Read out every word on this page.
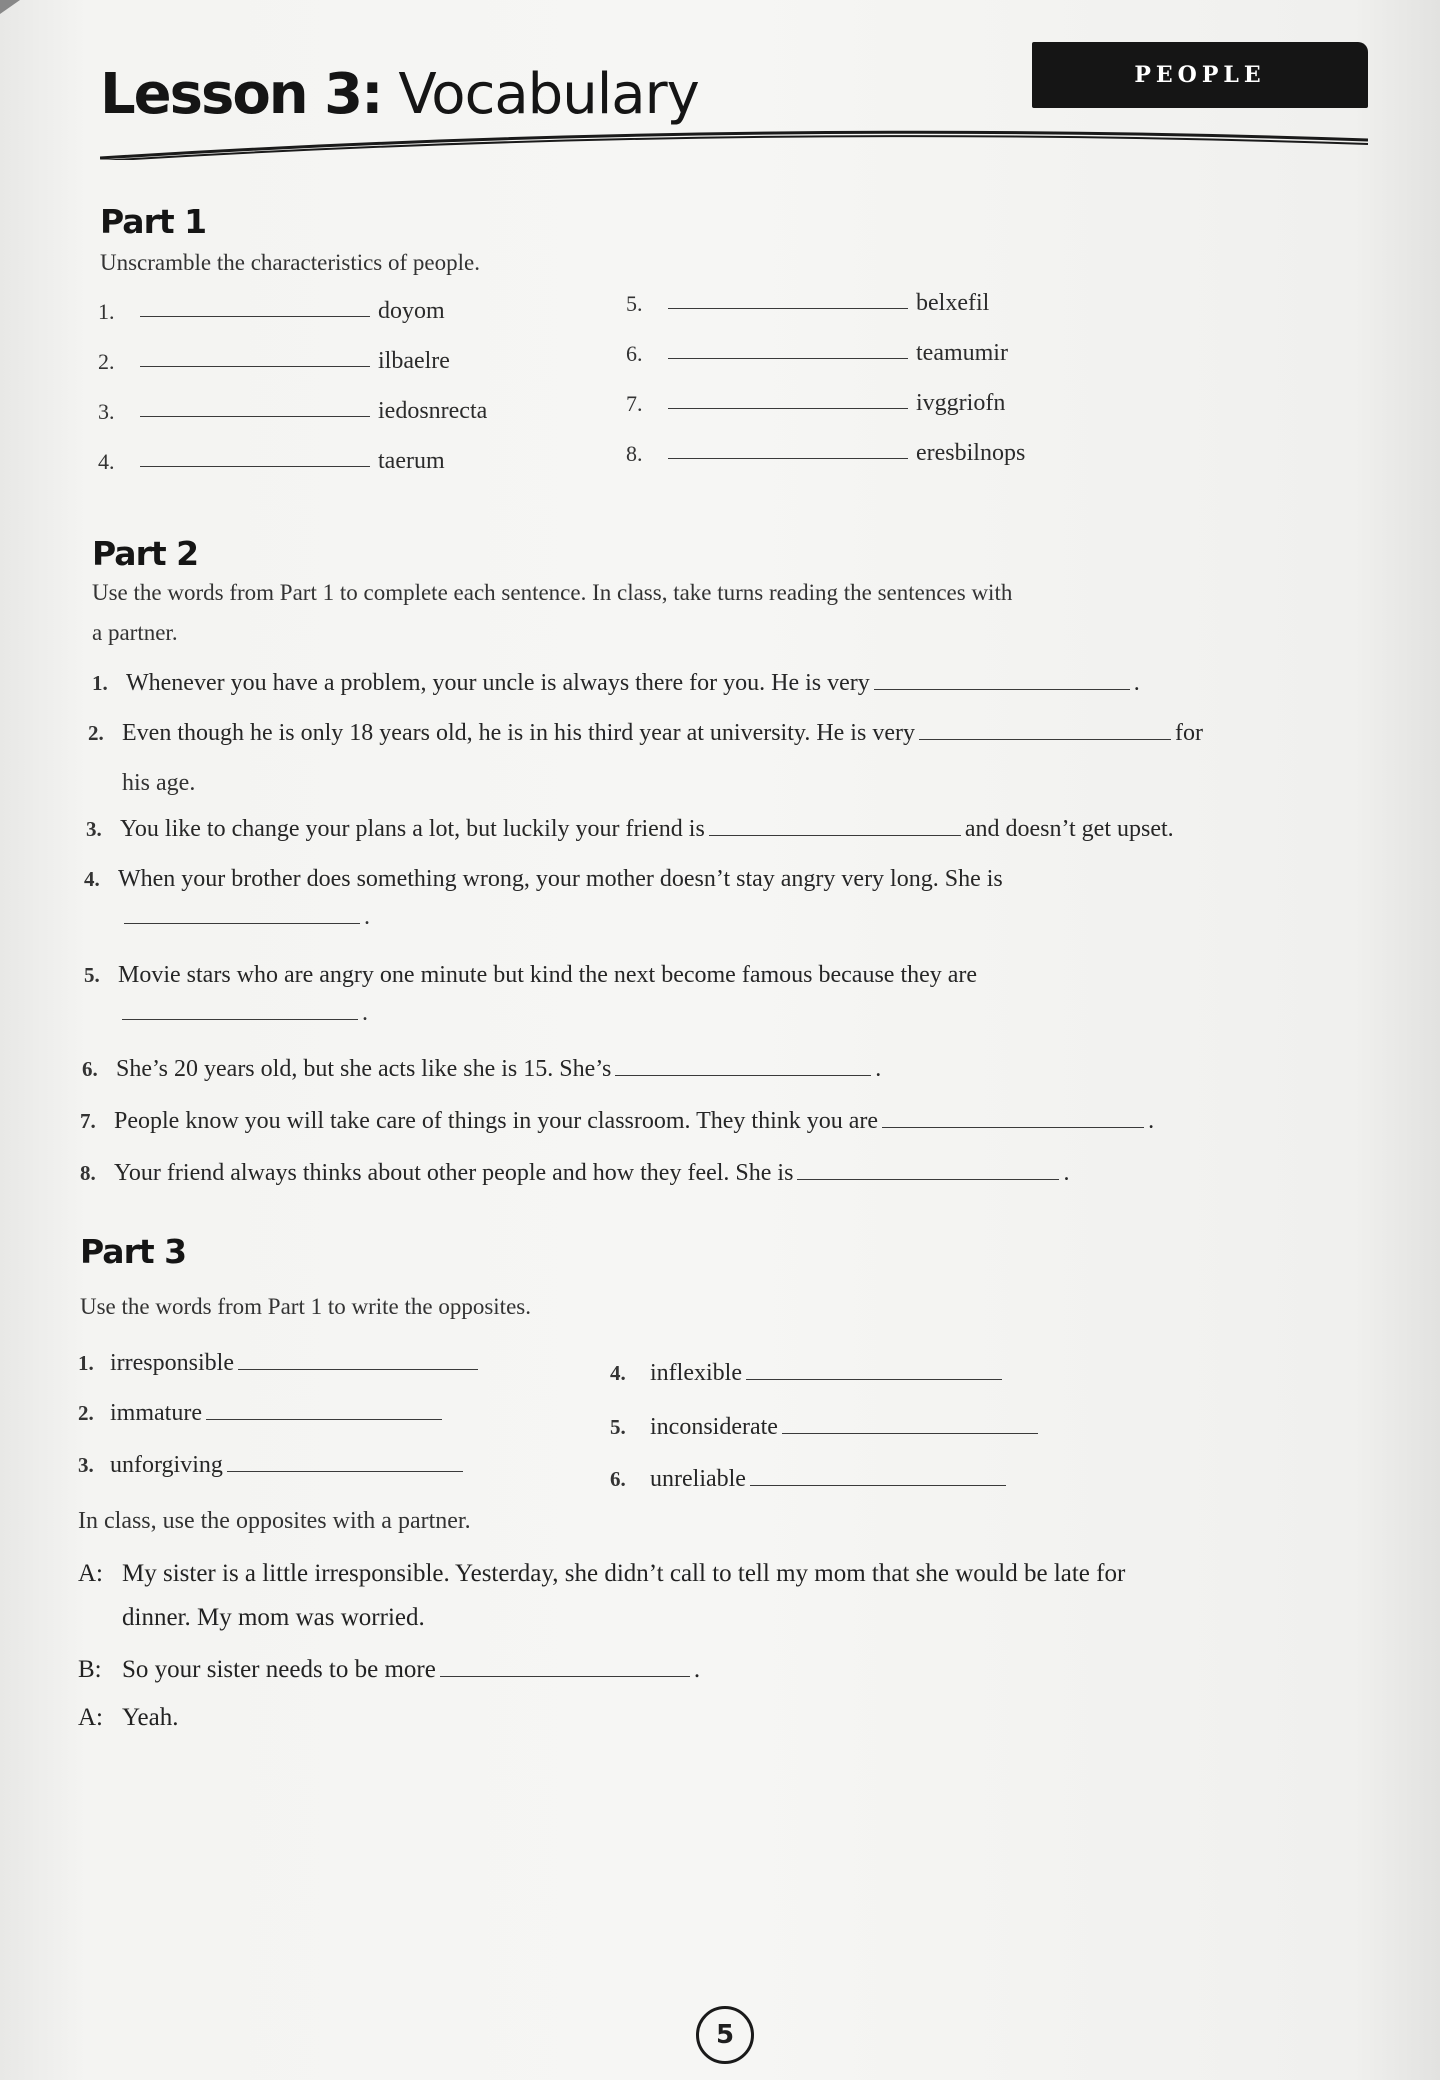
PEOPLE
Lesson 3: Vocabulary
Part 1
Unscramble the characteristics of people.
1.	doyom
2.	ilbaelre
3.	iedosnrecta
4.	taerum
5.	belxefil
6.	teamumir
7.	ivggriofn
8.	eresbilnops
Part 2
Use the words from Part 1 to complete each sentence. In class, take turns reading the sentences with
a partner.
1. Whenever you have a problem, your uncle is always there for you. He is very	.
2. Even though he is only 18 years old, he is in his third year at university. He is very	for
his age.
3. You like to change your plans a lot, but luckily your friend is	and doesn’t get upset.
4. When your brother does something wrong, your mother doesn’t stay angry very long. She is
.
5. Movie stars who are angry one minute but kind the next become famous because they are
.
6. She’s 20 years old, but she acts like she is 15. She’s	.
7. People know you will take care of things in your classroom. They think you are	.
8. Your friend always thinks about other people and how they feel. She is	.
Part 3
Use the words from Part 1 to write the opposites.
1. irresponsible
2. immature
3. unforgiving
4. inflexible
5. inconsiderate
6. unreliable
In class, use the opposites with a partner.
A: My sister is a little irresponsible. Yesterday, she didn’t call to tell my mom that she would be late for
dinner. My mom was worried.
B: So your sister needs to be more	.
A: Yeah.
5
